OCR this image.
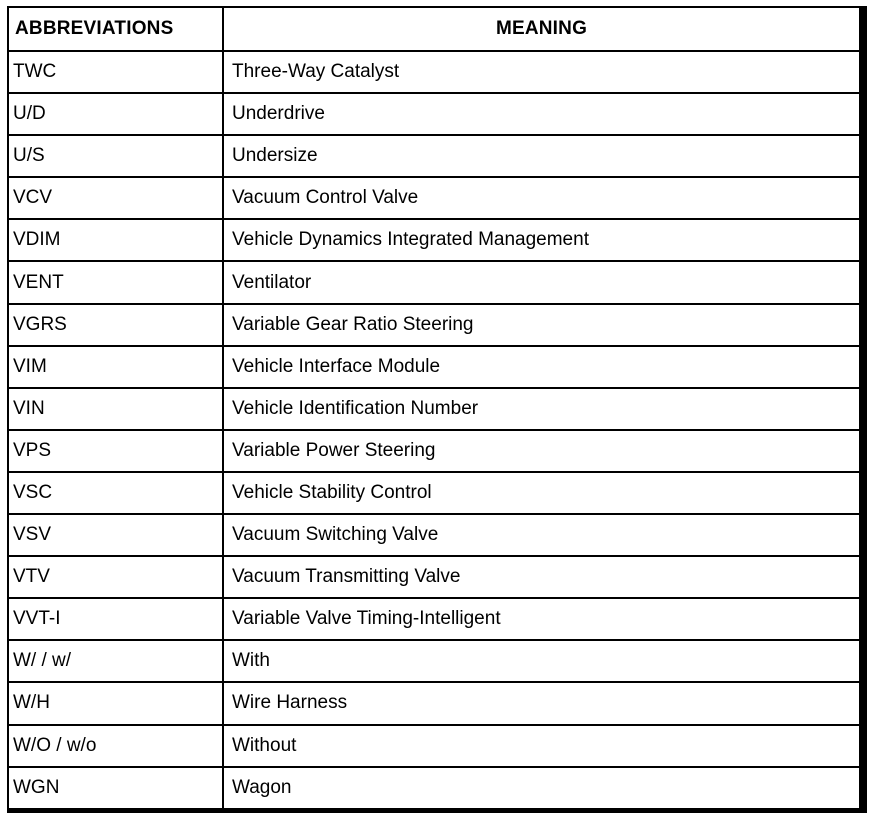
ABBREVIATIONS	MEANING
TWC	Three-Way Catalyst
U/D	Underdrive
U/S	Undersize
VCV	Vacuum Control Valve
VDIM	Vehicle Dynamics Integrated Management
VENT	Ventilator
VGRS	Variable Gear Ratio Steering
VIM	Vehicle Interface Module
VIN	Vehicle Identification Number
VPS	Variable Power Steering
VSC	Vehicle Stability Control
VSV	Vacuum Switching Valve
VTV	Vacuum Transmitting Valve
VVT-I	Variable Valve Timing-Intelligent
W/ / w/	With
W/H	Wire Harness
W/O / w/o	Without
WGN	Wagon
